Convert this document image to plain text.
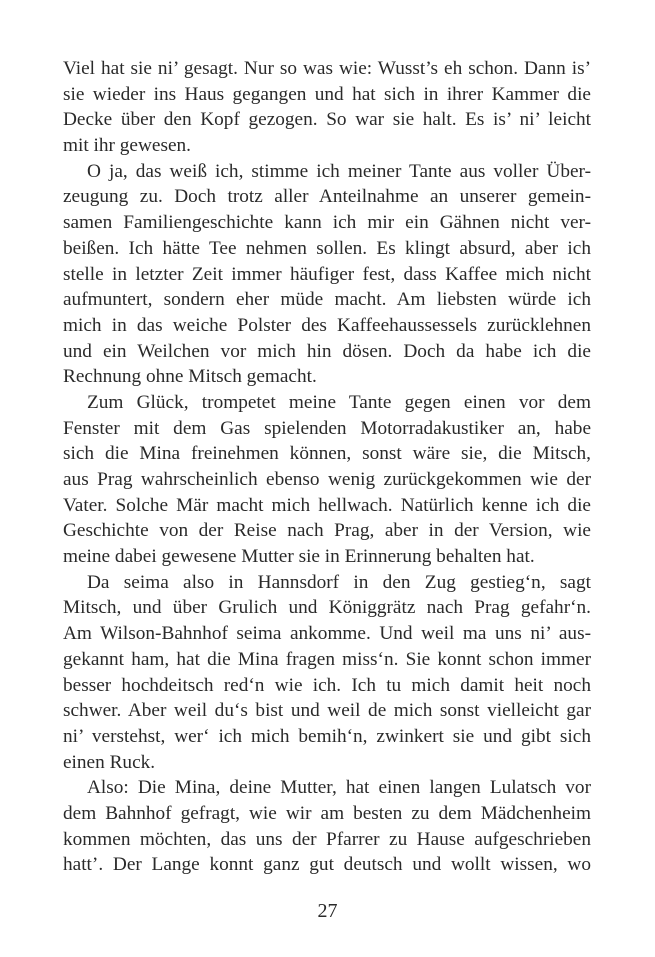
Viel hat sie ni’ gesagt. Nur so was wie: Wusst’s eh schon. Dann is’
sie wieder ins Haus gegangen und hat sich in ihrer Kammer die
Decke über den Kopf gezogen. So war sie halt. Es is’ ni’ leicht
mit ihr gewesen.
O ja, das weiß ich, stimme ich meiner Tante aus voller Über-
zeugung zu. Doch trotz aller Anteilnahme an unserer gemein-
samen Familiengeschichte kann ich mir ein Gähnen nicht ver-
beißen. Ich hätte Tee nehmen sollen. Es klingt absurd, aber ich
stelle in letzter Zeit immer häufiger fest, dass Kaffee mich nicht
aufmuntert, sondern eher müde macht. Am liebsten würde ich
mich in das weiche Polster des Kaffeehaussessels zurücklehnen
und ein Weilchen vor mich hin dösen. Doch da habe ich die
Rechnung ohne Mitsch gemacht.
Zum Glück, trompetet meine Tante gegen einen vor dem
Fenster mit dem Gas spielenden Motorradakustiker an, habe
sich die Mina freinehmen können, sonst wäre sie, die Mitsch,
aus Prag wahrscheinlich ebenso wenig zurückgekommen wie der
Vater. Solche Mär macht mich hellwach. Natürlich kenne ich die
Geschichte von der Reise nach Prag, aber in der Version, wie
meine dabei gewesene Mutter sie in Erinnerung behalten hat.
Da seima also in Hannsdorf in den Zug gestieg‘n, sagt
Mitsch, und über Grulich und Königgrätz nach Prag gefahr‘n.
Am Wilson-Bahnhof seima ankomme. Und weil ma uns ni’ aus-
gekannt ham, hat die Mina fragen miss‘n. Sie konnt schon immer
besser hochdeitsch red‘n wie ich. Ich tu mich damit heit noch
schwer. Aber weil du‘s bist und weil de mich sonst vielleicht gar
ni’ verstehst, wer‘ ich mich bemih‘n, zwinkert sie und gibt sich
einen Ruck.
Also: Die Mina, deine Mutter, hat einen langen Lulatsch vor
dem Bahnhof gefragt, wie wir am besten zu dem Mädchenheim
kommen möchten, das uns der Pfarrer zu Hause aufgeschrieben
hatt’. Der Lange konnt ganz gut deutsch und wollt wissen, wo
27
